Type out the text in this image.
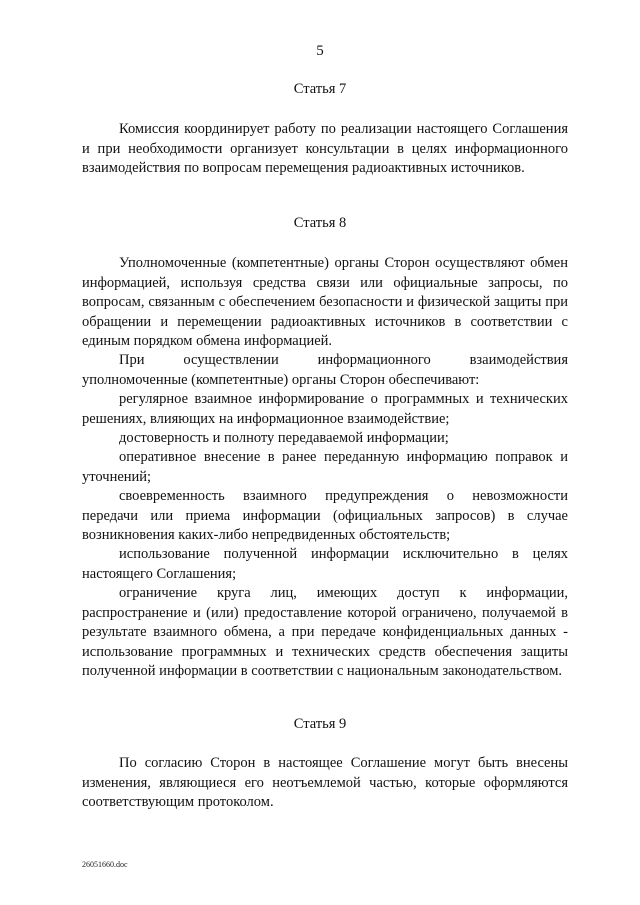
5
Статья 7

Комиссия координирует работу по реализации настоящего Соглашения и при необходимости организует консультации в целях информационного взаимодействия по вопросам перемещения радиоактивных источников.

Статья 8

Уполномоченные (компетентные) органы Сторон осуществляют обмен информацией, используя средства связи или официальные запросы, по вопросам, связанным с обеспечением безопасности и физической защиты при обращении и перемещении радиоактивных источников в соответствии с единым порядком обмена информацией.

При осуществлении информационного взаимодействия уполномоченные (компетентные) органы Сторон обеспечивают:

регулярное взаимное информирование о программных и технических решениях, влияющих на информационное взаимодействие;

достоверность и полноту передаваемой информации;

оперативное внесение в ранее переданную информацию поправок и уточнений;

своевременность взаимного предупреждения о невозможности передачи или приема информации (официальных запросов) в случае возникновения каких-либо непредвиденных обстоятельств;

использование полученной информации исключительно в целях настоящего Соглашения;

ограничение круга лиц, имеющих доступ к информации, распространение и (или) предоставление которой ограничено, получаемой в результате взаимного обмена, а при передаче конфиденциальных данных - использование программных и технических средств обеспечения защиты полученной информации в соответствии с национальным законодательством.

Статья 9

По согласию Сторон в настоящее Соглашение могут быть внесены изменения, являющиеся его неотъемлемой частью, которые оформляются соответствующим протоколом.

26051660.doc
